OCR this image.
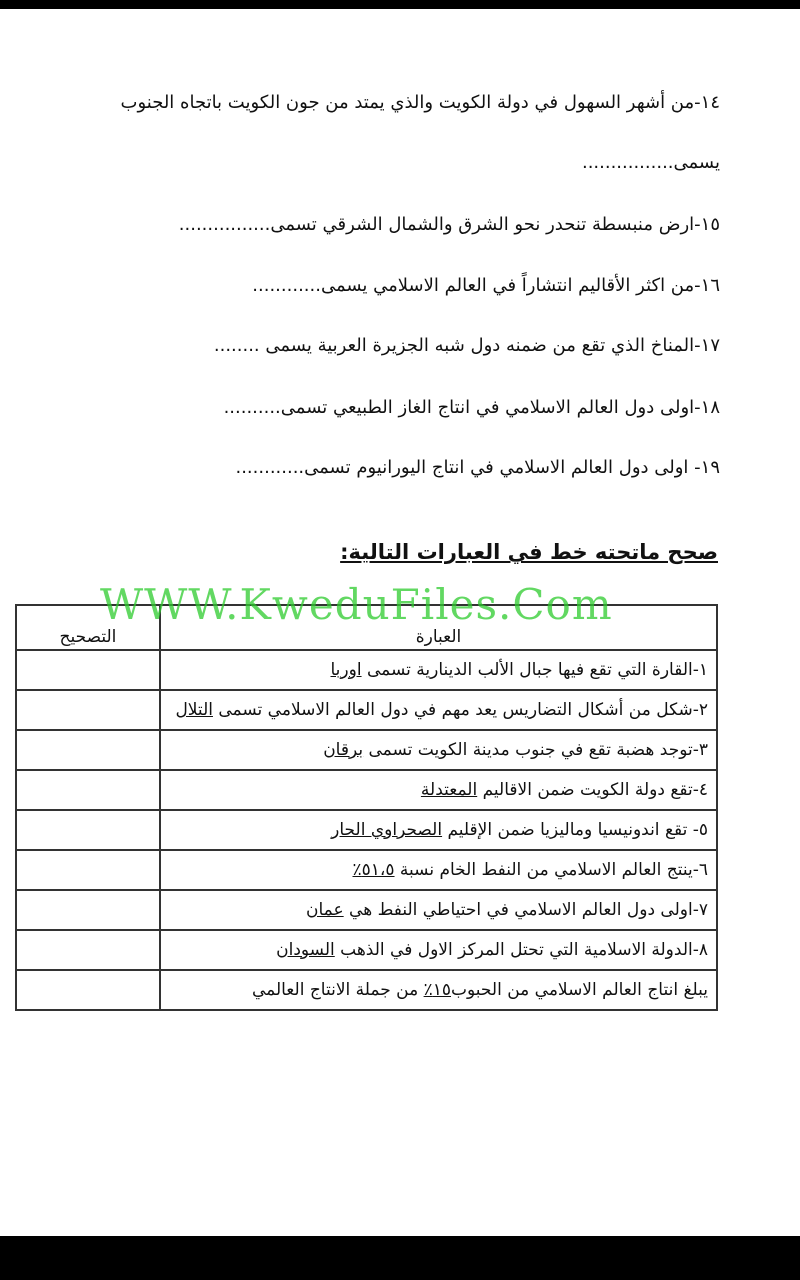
١٤-من أشهر السهول في دولة الكويت والذي يمتد من جون الكويت باتجاه الجنوب
يسمى................
١٥-ارض منبسطة تنحدر نحو الشرق والشمال الشرقي تسمى................
١٦-من اكثر الأقاليم انتشاراً في العالم الاسلامي يسمى............
١٧-المناخ الذي تقع من ضمنه دول شبه الجزيرة العربية يسمى ........
١٨-اولى دول العالم الاسلامي في انتاج الغاز الطبيعي تسمى..........
١٩- اولى دول العالم الاسلامي في انتاج اليورانيوم تسمى............
صحح ماتحته خط في العبارات التالية:
العبارة	التصحيح
١-القارة التي تقع فيها جبال الألب الدينارية تسمى اوربا	
٢-شكل من أشكال التضاريس يعد مهم في دول العالم الاسلامي تسمى التلال	
٣-توجد هضبة تقع في جنوب مدينة الكويت تسمى برقان	
٤-تقع دولة الكويت ضمن الاقاليم المعتدلة	
٥- تقع اندونيسيا وماليزيا ضمن الإقليم الصحراوي الحار	
٦-ينتج العالم الاسلامي من النفط الخام نسبة ٥١،٥٪	
٧-اولى دول العالم الاسلامي في احتياطي النفط هي عمان	
٨-الدولة الاسلامية التي تحتل المركز الاول في الذهب السودان	
يبلغ انتاج العالم الاسلامي من الحبوب١٥٪ من جملة الانتاج العالمي	
WWW.KweduFiles.Com
